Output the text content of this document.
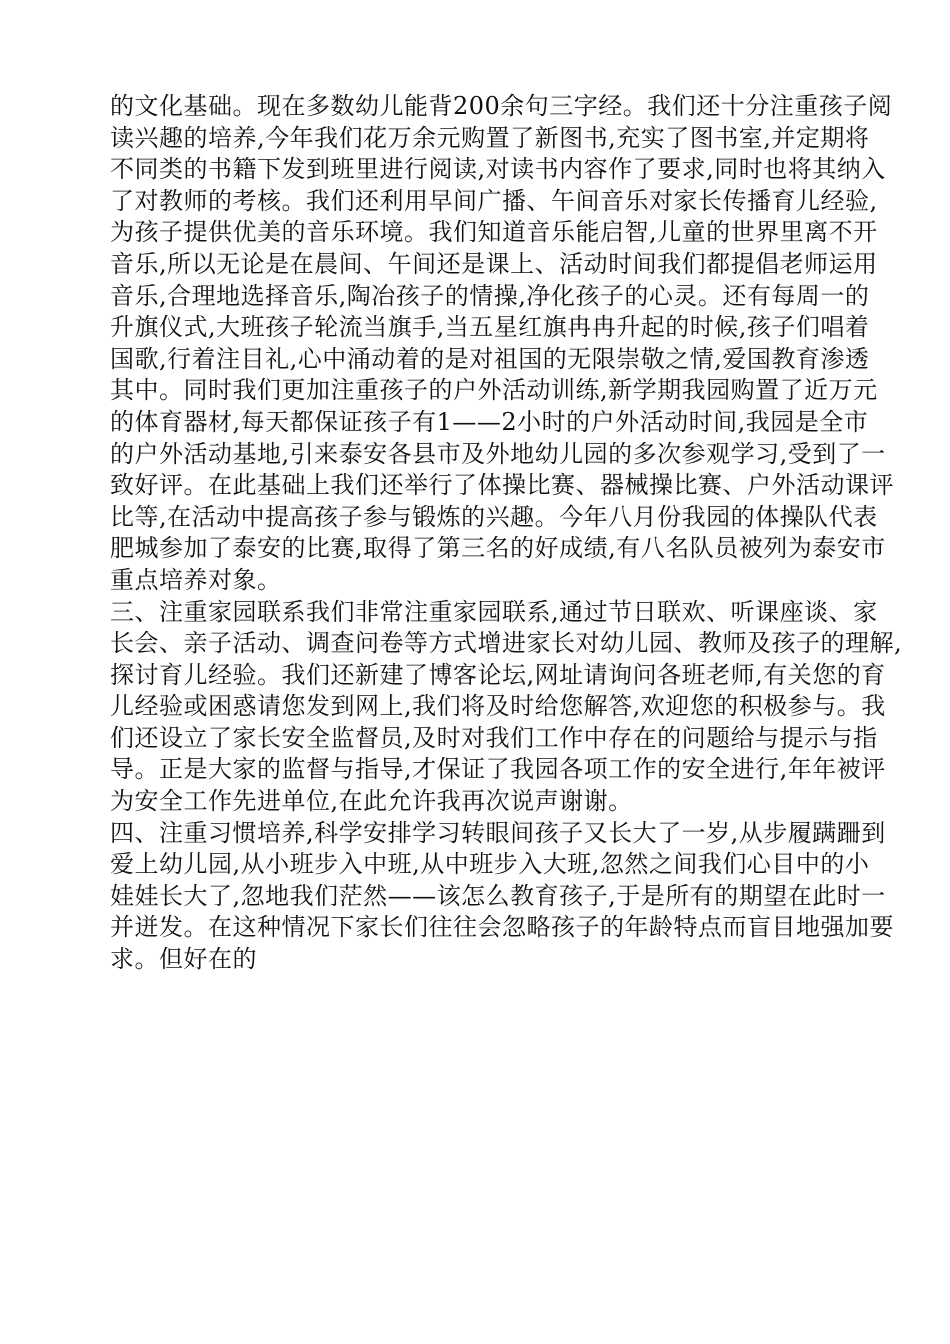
的文化基础。现在多数幼儿能背200余句三字经。我们还十分注重孩子阅
读兴趣的培养,今年我们花万余元购置了新图书,充实了图书室,并定期将
不同类的书籍下发到班里进行阅读,对读书内容作了要求,同时也将其纳入
了对教师的考核。我们还利用早间广播、午间音乐对家长传播育儿经验,
为孩子提供优美的音乐环境。我们知道音乐能启智,儿童的世界里离不开
音乐,所以无论是在晨间、午间还是课上、活动时间我们都提倡老师运用
音乐,合理地选择音乐,陶冶孩子的情操,净化孩子的心灵。还有每周一的
升旗仪式,大班孩子轮流当旗手,当五星红旗冉冉升起的时候,孩子们唱着
国歌,行着注目礼,心中涌动着的是对祖国的无限崇敬之情,爱国教育渗透
其中。同时我们更加注重孩子的户外活动训练,新学期我园购置了近万元
的体育器材,每天都保证孩子有1——2小时的户外活动时间,我园是全市
的户外活动基地,引来泰安各县市及外地幼儿园的多次参观学习,受到了一
致好评。在此基础上我们还举行了体操比赛、器械操比赛、户外活动课评
比等,在活动中提高孩子参与锻炼的兴趣。今年八月份我园的体操队代表
肥城参加了泰安的比赛,取得了第三名的好成绩,有八名队员被列为泰安市
重点培养对象。
三、注重家园联系我们非常注重家园联系,通过节日联欢、听课座谈、家
长会、亲子活动、调查问卷等方式增进家长对幼儿园、教师及孩子的理解,
探讨育儿经验。我们还新建了博客论坛,网址请询问各班老师,有关您的育
儿经验或困惑请您发到网上,我们将及时给您解答,欢迎您的积极参与。我
们还设立了家长安全监督员,及时对我们工作中存在的问题给与提示与指
导。正是大家的监督与指导,才保证了我园各项工作的安全进行,年年被评
为安全工作先进单位,在此允许我再次说声谢谢。
四、注重习惯培养,科学安排学习转眼间孩子又长大了一岁,从步履蹒跚到
爱上幼儿园,从小班步入中班,从中班步入大班,忽然之间我们心目中的小
娃娃长大了,忽地我们茫然——该怎么教育孩子,于是所有的期望在此时一
并迸发。在这种情况下家长们往往会忽略孩子的年龄特点而盲目地强加要
求。但好在的
